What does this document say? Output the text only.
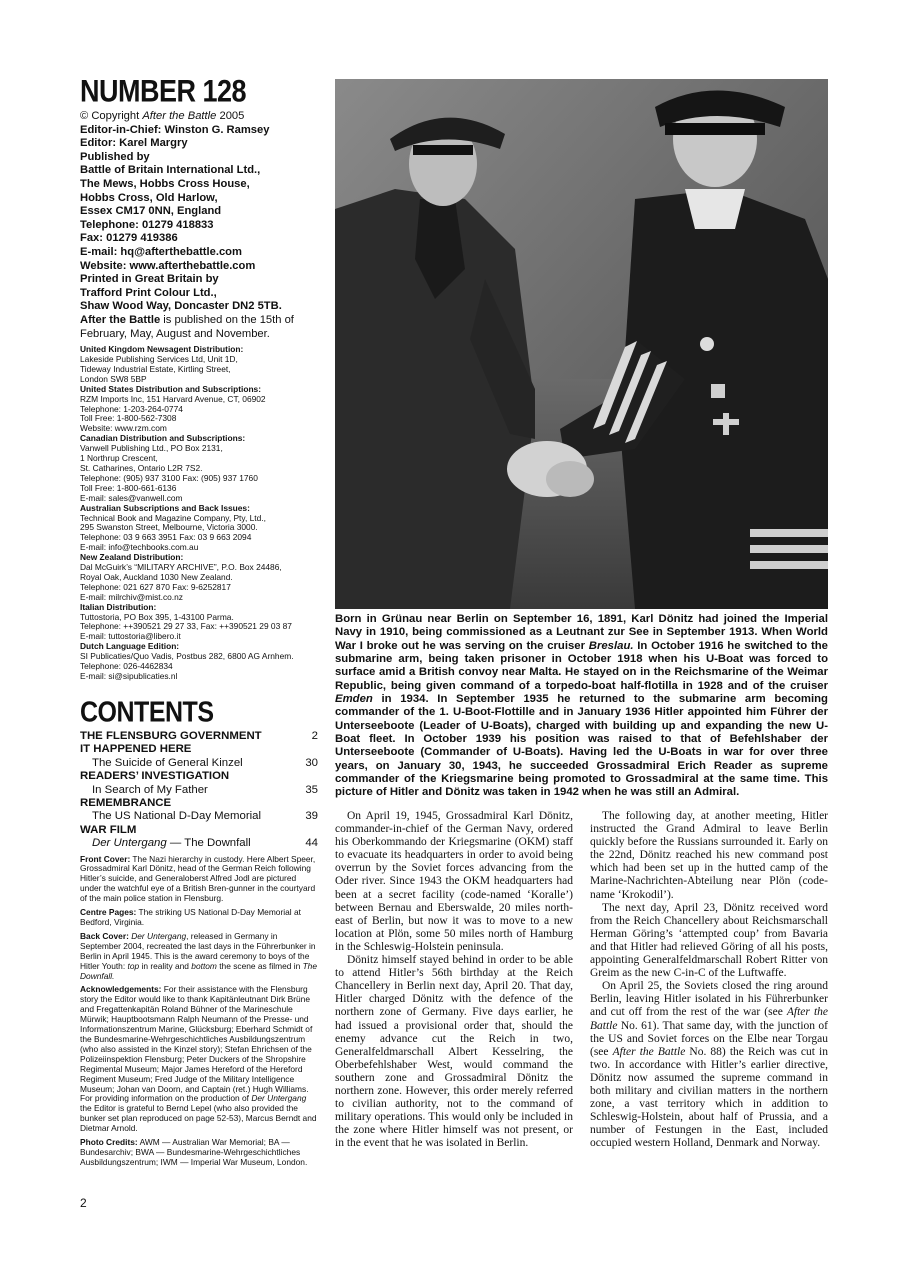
NUMBER 128
© Copyright After the Battle 2005
Editor-in-Chief: Winston G. Ramsey
Editor: Karel Margry
Published by
Battle of Britain International Ltd.,
The Mews, Hobbs Cross House,
Hobbs Cross, Old Harlow,
Essex CM17 0NN, England
Telephone: 01279 418833
Fax: 01279 419386
E-mail: hq@afterthebattle.com
Website: www.afterthebattle.com
Printed in Great Britain by
Trafford Print Colour Ltd.,
Shaw Wood Way, Doncaster DN2 5TB.
After the Battle is published on the 15th of February, May, August and November.
United Kingdom Newsagent Distribution:
Lakeside Publishing Services Ltd, Unit 1D,
Tideway Industrial Estate, Kirtling Street,
London SW8 5BP
United States Distribution and Subscriptions:
RZM Imports Inc, 151 Harvard Avenue, CT, 06902
Telephone: 1-203-264-0774
Toll Free: 1-800-562-7308
Website: www.rzm.com
Canadian Distribution and Subscriptions:
Vanwell Publishing Ltd., PO Box 2131,
1 Northrup Crescent,
St. Catharines, Ontario L2R 7S2.
Telephone: (905) 937 3100 Fax: (905) 937 1760
Toll Free: 1-800-661-6136
E-mail: sales@vanwell.com
Australian Subscriptions and Back Issues:
Technical Book and Magazine Company, Pty, Ltd.,
295 Swanston Street, Melbourne, Victoria 3000.
Telephone: 03 9 663 3951 Fax: 03 9 663 2094
E-mail: info@techbooks.com.au
New Zealand Distribution:
Dal McGuirk’s “MILITARY ARCHIVE”, P.O. Box 24486,
Royal Oak, Auckland 1030 New Zealand.
Telephone: 021 627 870 Fax: 9-6252817
E-mail: milrchiv@mist.co.nz
Italian Distribution:
Tuttostoria, PO Box 395, 1-43100 Parma.
Telephone: ++390521 29 27 33, Fax: ++390521 29 03 87
E-mail: tuttostoria@libero.it
Dutch Language Edition:
SI Publicaties/Quo Vadis, Postbus 282, 6800 AG Arnhem.
Telephone: 026-4462834
E-mail: si@sipublicaties.nl
CONTENTS
THE FLENSBURG GOVERNMENT	2
IT HAPPENED HERE
The Suicide of General Kinzel	30
READERS’ INVESTIGATION
In Search of My Father	35
REMEMBRANCE
The US National D-Day Memorial	39
WAR FILM
Der Untergang — The Downfall	44

Front Cover: The Nazi hierarchy in custody. Here Albert Speer, Grossadmiral Karl Dönitz, head of the German Reich following Hitler’s suicide, and Generaloberst Alfred Jodl are pictured under the watchful eye of a British Bren-gunner in the courtyard of the main police station in Flensburg.

Centre Pages: The striking US National D-Day Memorial at Bedford, Virginia.

Back Cover: Der Untergang, released in Germany in September 2004, recreated the last days in the Führerbunker in Berlin in April 1945. This is the award ceremony to boys of the Hitler Youth: top in reality and bottom the scene as filmed in The Downfall.

Acknowledgements: For their assistance with the Flensburg story the Editor would like to thank Kapitänleutnant Dirk Brüne and Fregattenkapitän Roland Bühner of the Marineschule Mürwik; Hauptbootsmann Ralph Neumann of the Presse- und Informationszentrum Marine, Glücksburg; Eberhard Schmidt of the Bundesmarine-Wehrgeschichtliches Ausbildungszentrum (who also assisted in the Kinzel story); Stefan Ehrichsen of the Polizeiinspektion Flensburg; Peter Duckers of the Shropshire Regimental Museum; Major James Hereford of the Hereford Regiment Museum; Fred Judge of the Military Intelligence Museum; Johan van Doorn, and Captain (ret.) Hugh Williams. For providing information on the production of Der Untergang the Editor is grateful to Bernd Lepel (who also provided the bunker set plan reproduced on page 52-53), Marcus Berndt and Dietmar Arnold.

Photo Credits: AWM — Australian War Memorial; BA — Bundesarchiv; BWA — Bundesmarine-Wehrgeschichtliches Ausbildungszentrum; IWM — Imperial War Museum, London.

Born in Grünau near Berlin on September 16, 1891, Karl Dönitz had joined the Imperial Navy in 1910, being commissioned as a Leutnant zur See in September 1913. When World War I broke out he was serving on the cruiser Breslau. In October 1916 he switched to the submarine arm, being taken prisoner in October 1918 when his U-Boat was forced to surface amid a British convoy near Malta. He stayed on in the Reichsmarine of the Weimar Republic, being given command of a torpedo-boat half-flotilla in 1928 and of the cruiser Emden in 1934. In September 1935 he returned to the submarine arm becoming commander of the 1. U-Boot-Flottille and in January 1936 Hitler appointed him Führer der Unterseeboote (Leader of U-Boats), charged with building up and expanding the new U-Boat fleet. In October 1939 his position was raised to that of Befehlshaber der Unterseeboote (Commander of U-Boats). Having led the U-Boats in war for over three years, on January 30, 1943, he succeeded Grossadmiral Erich Reader as supreme commander of the Kriegsmarine being promoted to Grossadmiral at the same time. This picture of Hitler and Dönitz was taken in 1942 when he was still an Admiral.

On April 19, 1945, Grossadmiral Karl Dönitz, commander-in-chief of the German Navy, ordered his Oberkommando der Kriegsmarine (OKM) staff to evacuate its headquarters in order to avoid being overrun by the Soviet forces advancing from the Oder river. Since 1943 the OKM headquarters had been at a secret facility (code-named ‘Koralle’) between Bernau and Eberswalde, 20 miles north-east of Berlin, but now it was to move to a new location at Plön, some 50 miles north of Hamburg in the Schleswig-Holstein peninsula.

Dönitz himself stayed behind in order to be able to attend Hitler’s 56th birthday at the Reich Chancellery in Berlin next day, April 20. That day, Hitler charged Dönitz with the defence of the northern zone of Germany. Five days earlier, he had issued a provisional order that, should the enemy advance cut the Reich in two, Generalfeldmarschall Albert Kesselring, the Oberbefehlshaber West, would command the southern zone and Grossadmiral Dönitz the northern zone. However, this order merely referred to civilian authority, not to the command of military operations. This would only be included in the zone where Hitler himself was not present, or in the event that he was isolated in Berlin.

The following day, at another meeting, Hitler instructed the Grand Admiral to leave Berlin quickly before the Russians surrounded it. Early on the 22nd, Dönitz reached his new command post which had been set up in the hutted camp of the Marine-Nachrichten-Abteilung near Plön (code-name ‘Krokodil’).

The next day, April 23, Dönitz received word from the Reich Chancellery about Reichsmarschall Herman Göring’s ‘attempted coup’ from Bavaria and that Hitler had relieved Göring of all his posts, appointing Generalfeldmarschall Robert Ritter von Greim as the new C-in-C of the Luftwaffe.

On April 25, the Soviets closed the ring around Berlin, leaving Hitler isolated in his Führerbunker and cut off from the rest of the war (see After the Battle No. 61). That same day, with the junction of the US and Soviet forces on the Elbe near Torgau (see After the Battle No. 88) the Reich was cut in two. In accordance with Hitler’s earlier directive, Dönitz now assumed the supreme command in both military and civilian matters in the northern zone, a vast territory which in addition to Schleswig-Holstein, about half of Prussia, and a number of Festungen in the East, included occupied western Holland, Denmark and Norway.

2
